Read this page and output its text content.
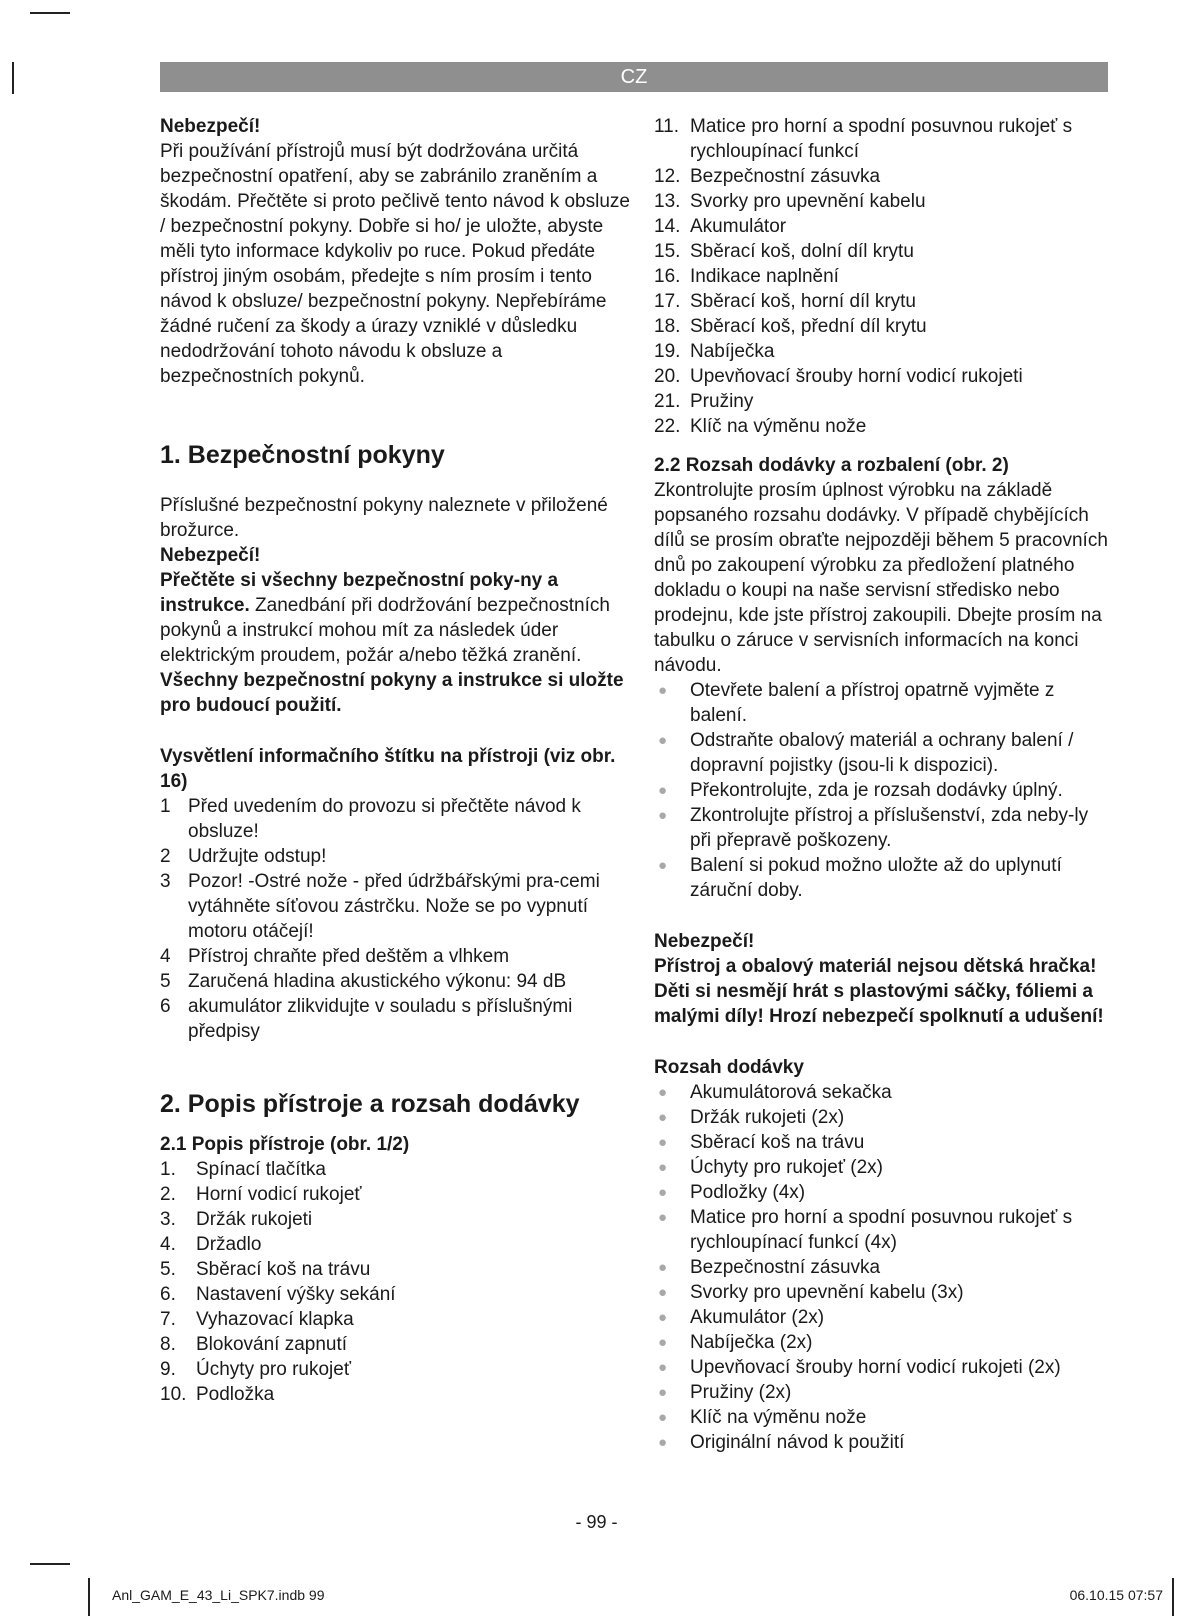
CZ

Nebezpečí!

Při používání přístrojů musí být dodržována určitá bezpečnostní opatření, aby se zabránilo zraněním a škodám. Přečtěte si proto pečlivě tento návod k obsluze / bezpečnostní pokyny. Dobře si ho/ je uložte, abyste měli tyto informace kdykoliv po ruce. Pokud předáte přístroj jiným osobám, předejte s ním prosím i tento návod k obsluze/ bezpečnostní pokyny. Nepřebíráme žádné ručení za škody a úrazy vzniklé v důsledku nedodržování tohoto návodu k obsluze a bezpečnostních pokynů.

1. Bezpečnostní pokyny

Příslušné bezpečnostní pokyny naleznete v přiložené brožurce.

Nebezpečí!

Přečtěte si všechny bezpečnostní poky-ny a instrukce. Zanedbání při dodržování bezpečnostních pokynů a instrukcí mohou mít za následek úder elektrickým proudem, požár a/nebo těžká zranění. Všechny bezpečnostní pokyny a instrukce si uložte pro budoucí použití.

Vysvětlení informačního štítku na přístroji (viz obr. 16)

1 Před uvedením do provozu si přečtěte návod k obsluze!
2 Udržujte odstup!
3 Pozor! -Ostré nože - před údržbářskými pra-cemi vytáhněte síťovou zástrčku. Nože se po vypnutí motoru otáčejí!
4 Přístroj chraňte před deštěm a vlhkem
5 Zaručená hladina akustického výkonu: 94 dB
6 akumulátor zlikvidujte v souladu s příslušnými předpisy

2. Popis přístroje a rozsah dodávky

2.1 Popis přístroje (obr. 1/2)

1.	Spínací tlačítka
2.	Horní vodicí rukojeť
3.	Držák rukojeti
4.	Držadlo
5.	Sběrací koš na trávu
6.	Nastavení výšky sekání
7.	Vyhazovací klapka
8.	Blokování zapnutí
9.	Úchyty pro rukojeť
10. Podložka
11. Matice pro horní a spodní posuvnou rukojeť s rychloupínací funkcí
12. Bezpečnostní zásuvka
13. Svorky pro upevnění kabelu
14. Akumulátor
15. Sběrací koš, dolní díl krytu
16. Indikace naplnění
17. Sběrací koš, horní díl krytu
18. Sběrací koš, přední díl krytu
19. Nabíječka
20. Upevňovací šrouby horní vodicí rukojeti
21. Pružiny
22. Klíč na výměnu nože

2.2 Rozsah dodávky a rozbalení (obr. 2)

Zkontrolujte prosím úplnost výrobku na základě popsaného rozsahu dodávky. V případě chybějících dílů se prosím obraťte nejpozději během 5 pracovních dnů po zakoupení výrobku za předložení platného dokladu o koupi na naše servisní středisko nebo prodejnu, kde jste přístroj zakoupili. Dbejte prosím na tabulku o záruce v servisních informacích na konci návodu.

●	Otevřete balení a přístroj opatrně vyjměte z balení.
●	Odstraňte obalový materiál a ochrany balení / dopravní pojistky (jsou-li k dispozici).
●	Překontrolujte, zda je rozsah dodávky úplný.
●	Zkontrolujte přístroj a příslušenství, zda neby-ly při přepravě poškozeny.
●	Balení si pokud možno uložte až do uplynutí záruční doby.

Nebezpečí!

Přístroj a obalový materiál nejsou dětská hračka! Děti si nesmějí hrát s plastovými sáčky, fóliemi a malými díly! Hrozí nebezpečí spolknutí a udušení!

Rozsah dodávky

●	Akumulátorová sekačka
●	Držák rukojeti (2x)
●	Sběrací koš na trávu
●	Úchyty pro rukojeť (2x)
●	Podložky (4x)
●	Matice pro horní a spodní posuvnou rukojeť s rychloupínací funkcí (4x)
●	Bezpečnostní zásuvka
●	Svorky pro upevnění kabelu (3x)
●	Akumulátor (2x)
●	Nabíječka (2x)
●	Upevňovací šrouby horní vodicí rukojeti (2x)
●	Pružiny (2x)
●	Klíč na výměnu nože
●	Originální návod k použití
- 99 -
Anl_GAM_E_43_Li_SPK7.indb 99	06.10.15 07:57
